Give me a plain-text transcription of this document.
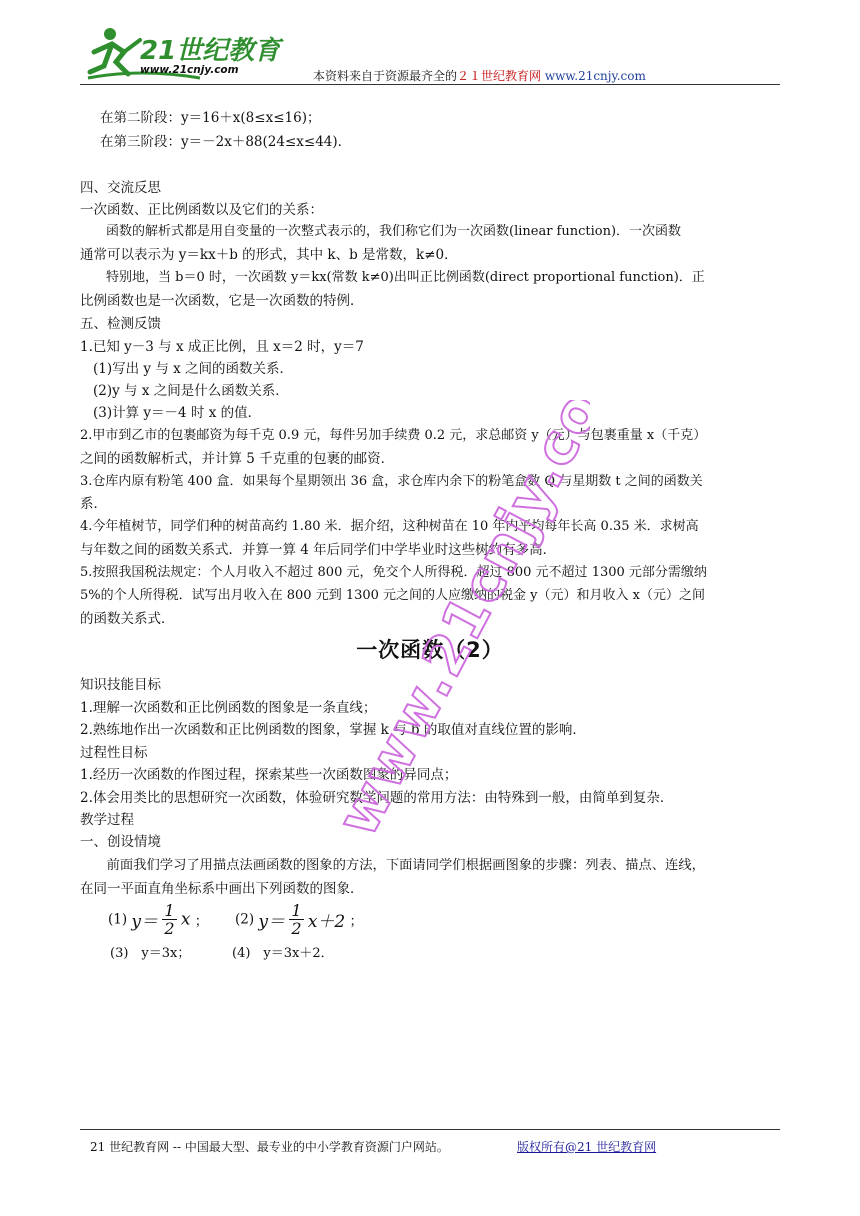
21世纪教育
www.21cnjy.com	本资料来自于资源最齐全的２１世纪教育网 www.21cnjy.com
在第二阶段：y＝16＋x(8≤x≤16)；
在第三阶段：y＝－2x＋88(24≤x≤44)．
四、交流反思
一次函数、正比例函数以及它们的关系：
　　函数的解析式都是用自变量的一次整式表示的，我们称它们为一次函数(linear function)．一次函数
通常可以表示为 y＝kx＋b 的形式，其中 k、b 是常数，k≠0．
　　特别地，当 b＝0 时，一次函数 y＝kx(常数 k≠0)出叫正比例函数(direct proportional function)．正
比例函数也是一次函数，它是一次函数的特例．
五、检测反馈
1.已知 y－3 与 x 成正比例，且 x＝2 时，y＝7
(1)写出 y 与 x 之间的函数关系．
(2)y 与 x 之间是什么函数关系．
(3)计算 y＝－4 时 x 的值．
2.甲市到乙市的包裹邮资为每千克 0.9 元，每件另加手续费 0.2 元，求总邮资 y（元）与包裹重量 x（千克）
之间的函数解析式，并计算 5 千克重的包裹的邮资．
3.仓库内原有粉笔 400 盒．如果每个星期领出 36 盒，求仓库内余下的粉笔盒数 Q 与星期数 t 之间的函数关
系．
4.今年植树节，同学们种的树苗高约 1.80 米．据介绍，这种树苗在 10 年内平均每年长高 0.35 米．求树高
与年数之间的函数关系式．并算一算 4 年后同学们中学毕业时这些树约有多高．
5.按照我国税法规定：个人月收入不超过 800 元，免交个人所得税．超过 800 元不超过 1300 元部分需缴纳
5%的个人所得税．试写出月收入在 800 元到 1300 元之间的人应缴纳的税金 y（元）和月收入 x（元）之间
的函数关系式．
一次函数（2）
知识技能目标
1.理解一次函数和正比例函数的图象是一条直线；
2.熟练地作出一次函数和正比例函数的图象，掌握 k 与 b 的取值对直线位置的影响．
过程性目标
1.经历一次函数的作图过程，探索某些一次函数图象的异同点；
2.体会用类比的思想研究一次函数，体验研究数学问题的常用方法：由特殊到一般，由简单到复杂．
教学过程
一、创设情境
　　前面我们学习了用描点法画函数的图象的方法，下面请同学们根据画图象的步骤：列表、描点、连线，
在同一平面直角坐标系中画出下列函数的图象．
(1) $y= \frac{1}{2}$ x ； (2) $y= \frac{1}{2} x+2$ ；
(3)　y＝3x；	(4)　y＝3x＋2．
www.21cnjy.com
21 世纪教育网 -- 中国最大型、最专业的中小学教育资源门户网站。	版权所有@21 世纪教育网
